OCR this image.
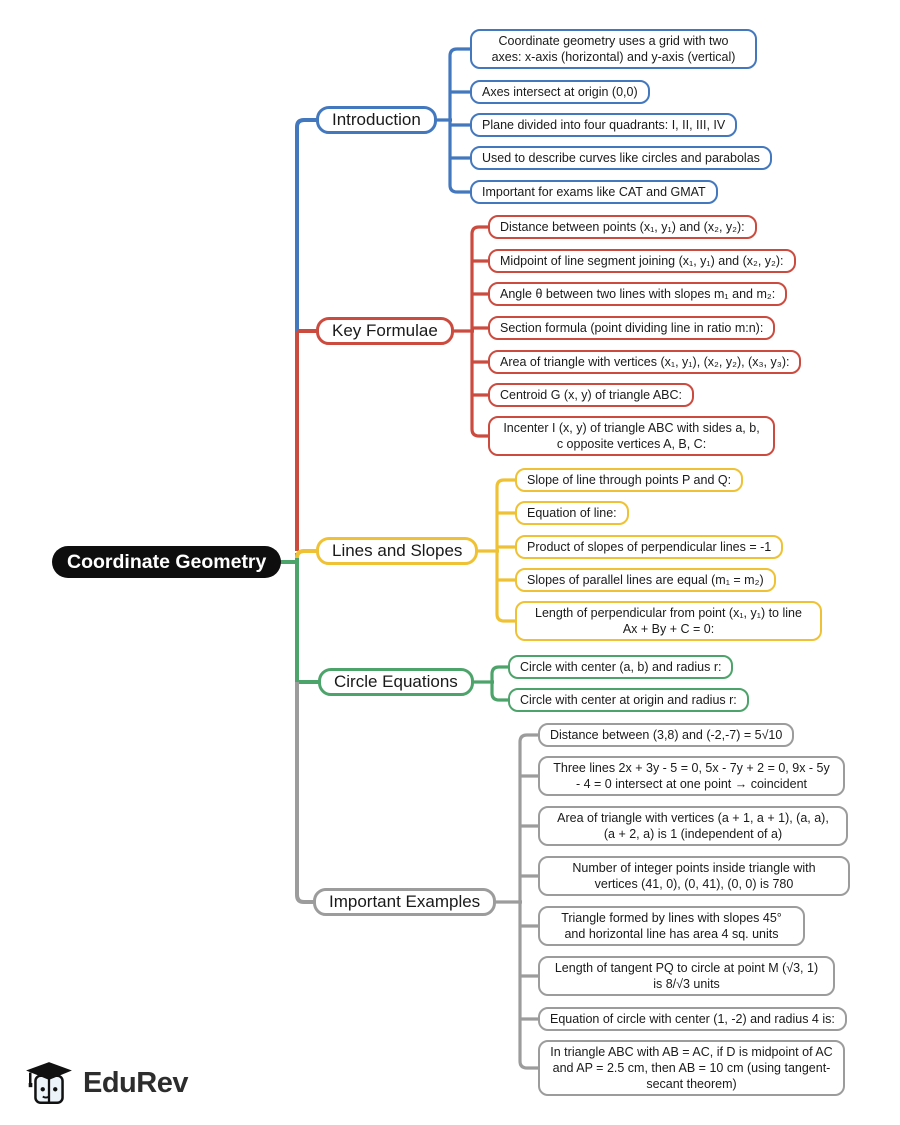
Coordinate Geometry
Introduction
Key Formulae
Lines and Slopes
Circle Equations
Important Examples
Coordinate geometry uses a grid with two axes: x-axis (horizontal) and y-axis (vertical)
Axes intersect at origin (0,0)
Plane divided into four quadrants: I, II, III, IV
Used to describe curves like circles and parabolas
Important for exams like CAT and GMAT
Distance between points (x₁, y₁) and (x₂, y₂):
Midpoint of line segment joining (x₁, y₁) and (x₂, y₂):
Angle θ between two lines with slopes m₁ and m₂:
Section formula (point dividing line in ratio m:n):
Area of triangle with vertices (x₁, y₁), (x₂, y₂), (x₃, y₃):
Centroid G (x, y) of triangle ABC:
Incenter I (x, y) of triangle ABC with sides a, b, c opposite vertices A, B, C:
Slope of line through points P and Q:
Equation of line:
Product of slopes of perpendicular lines = -1
Slopes of parallel lines are equal (m₁ = m₂)
Length of perpendicular from point (x₁, y₁) to line Ax + By + C = 0:
Circle with center (a, b) and radius r:
Circle with center at origin and radius r:
Distance between (3,8) and (-2,-7) = 5√10
Three lines 2x + 3y - 5 = 0, 5x - 7y + 2 = 0, 9x - 5y - 4 = 0 intersect at one point → coincident
Area of triangle with vertices (a + 1, a + 1), (a, a), (a + 2, a) is 1 (independent of a)
Number of integer points inside triangle with vertices (41, 0), (0, 41), (0, 0) is 780
Triangle formed by lines with slopes 45° and horizontal line has area 4 sq. units
Length of tangent PQ to circle at point M (√3, 1) is 8/√3 units
Equation of circle with center (1, -2) and radius 4 is:
In triangle ABC with AB = AC, if D is midpoint of AC and AP = 2.5 cm, then AB = 10 cm (using tangent-secant theorem)
EduRev
